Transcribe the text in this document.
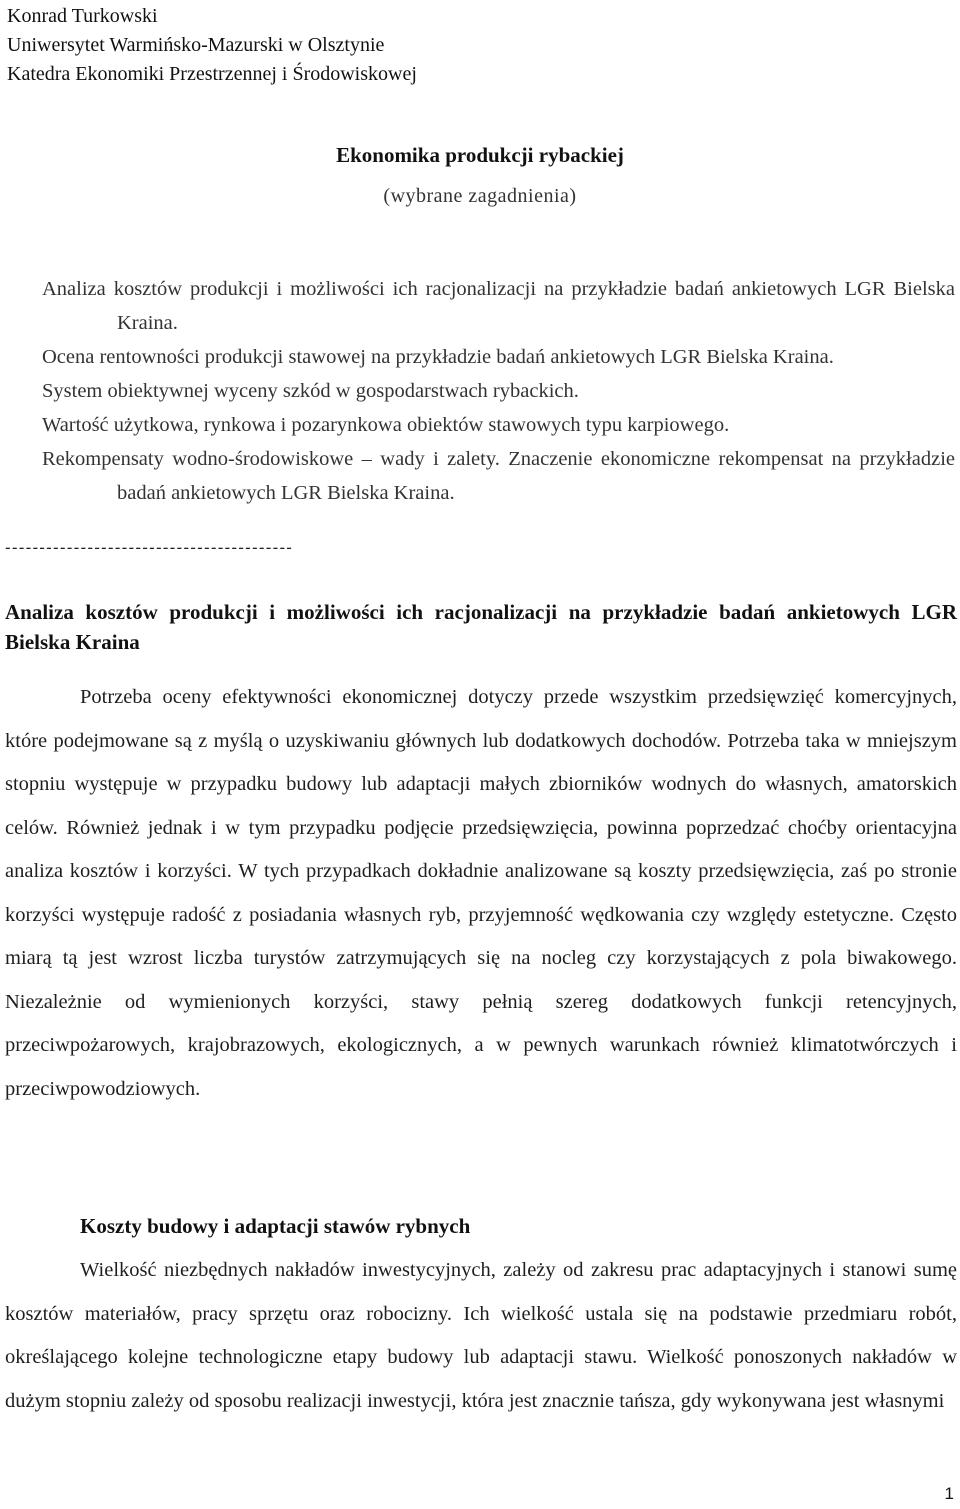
Konrad Turkowski
Uniwersytet Warmińsko-Mazurski w Olsztynie
Katedra Ekonomiki Przestrzennej i Środowiskowej
Ekonomika produkcji rybackiej
(wybrane zagadnienia)
Analiza kosztów produkcji i możliwości ich racjonalizacji na przykładzie badań ankietowych LGR Bielska Kraina.
Ocena rentowności produkcji stawowej na przykładzie badań ankietowych LGR Bielska Kraina.
System obiektywnej wyceny szkód w gospodarstwach rybackich.
Wartość użytkowa, rynkowa i pozarynkowa obiektów stawowych typu karpiowego.
Rekompensaty wodno-środowiskowe – wady i zalety. Znaczenie ekonomiczne rekompensat na przykładzie badań ankietowych LGR Bielska Kraina.
------------------------------------------
Analiza kosztów produkcji i możliwości ich racjonalizacji na przykładzie badań ankietowych LGR Bielska Kraina
Potrzeba oceny efektywności ekonomicznej dotyczy przede wszystkim przedsięwzięć komercyjnych, które podejmowane są z myślą o uzyskiwaniu głównych lub dodatkowych dochodów. Potrzeba taka w mniejszym stopniu występuje w przypadku budowy lub adaptacji małych zbiorników wodnych do własnych, amatorskich celów. Również jednak i w tym przypadku podjęcie przedsięwzięcia, powinna poprzedzać choćby orientacyjna analiza kosztów i korzyści. W tych przypadkach dokładnie analizowane są koszty przedsięwzięcia, zaś po stronie korzyści występuje radość z posiadania własnych ryb, przyjemność wędkowania czy względy estetyczne. Często miarą tą jest wzrost liczba turystów zatrzymujących się na nocleg czy korzystających z pola biwakowego. Niezależnie od wymienionych korzyści, stawy pełnią szereg dodatkowych funkcji retencyjnych, przeciwpożarowych, krajobrazowych, ekologicznych, a w pewnych warunkach również klimatotwórczych i przeciwpowodziowych.
Koszty budowy i adaptacji stawów rybnych
Wielkość niezbędnych nakładów inwestycyjnych, zależy od zakresu prac adaptacyjnych i stanowi sumę kosztów materiałów, pracy sprzętu oraz robocizny. Ich wielkość ustala się na podstawie przedmiaru robót, określającego kolejne technologiczne etapy budowy lub adaptacji stawu. Wielkość ponoszonych nakładów w dużym stopniu zależy od sposobu realizacji inwestycji, która jest znacznie tańsza, gdy wykonywana jest własnymi
1
